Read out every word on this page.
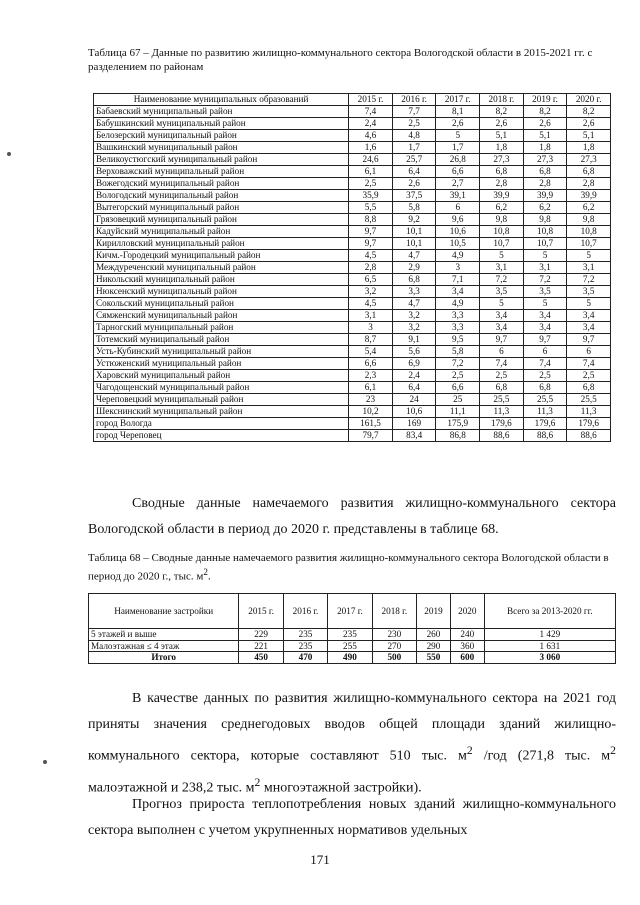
Таблица 67 – Данные по развитию жилищно-коммунального сектора Вологодской области в 2015-2021 гг. с разделением по районам
Наименование муниципальных образований	2015 г.	2016 г.	2017 г.	2018 г.	2019 г.	2020 г.
Бабаевский муниципальный район	7,4	7,7	8,1	8,2	8,2	8,2
Бабушкинский муниципальный район	2,4	2,5	2,6	2,6	2,6	2,6
Белозерский муниципальный район	4,6	4,8	5	5,1	5,1	5,1
Вашкинский муниципальный район	1,6	1,7	1,7	1,8	1,8	1,8
Великоустюгский муниципальный район	24,6	25,7	26,8	27,3	27,3	27,3
Верховажский муниципальный район	6,1	6,4	6,6	6,8	6,8	6,8
Вожегодский муниципальный район	2,5	2,6	2,7	2,8	2,8	2,8
Вологодский муниципальный район	35,9	37,5	39,1	39,9	39,9	39,9
Вытегорский муниципальный район	5,5	5,8	6	6,2	6,2	6,2
Грязовецкий муниципальный район	8,8	9,2	9,6	9,8	9,8	9,8
Кадуйский муниципальный район	9,7	10,1	10,6	10,8	10,8	10,8
Кирилловский муниципальный район	9,7	10,1	10,5	10,7	10,7	10,7
Кичм.-Городецкий муниципальный район	4,5	4,7	4,9	5	5	5
Междуреченский муниципальный район	2,8	2,9	3	3,1	3,1	3,1
Никольский муниципальный район	6,5	6,8	7,1	7,2	7,2	7,2
Нюксенский муниципальный район	3,2	3,3	3,4	3,5	3,5	3,5
Сокольский муниципальный район	4,5	4,7	4,9	5	5	5
Сямженский муниципальный район	3,1	3,2	3,3	3,4	3,4	3,4
Тарногский муниципальный район	3	3,2	3,3	3,4	3,4	3,4
Тотемский муниципальный район	8,7	9,1	9,5	9,7	9,7	9,7
Усть-Кубинский муниципальный район	5,4	5,6	5,8	6	6	6
Устюженский муниципальный район	6,6	6,9	7,2	7,4	7,4	7,4
Харовский муниципальный район	2,3	2,4	2,5	2,5	2,5	2,5
Чагодощенский муниципальный район	6,1	6,4	6,6	6,8	6,8	6,8
Череповецкий муниципальный район	23	24	25	25,5	25,5	25,5
Шекснинский муниципальный район	10,2	10,6	11,1	11,3	11,3	11,3
город Вологда	161,5	169	175,9	179,6	179,6	179,6
город Череповец	79,7	83,4	86,8	88,6	88,6	88,6
Сводные данные намечаемого развития жилищно-коммунального сектора Вологодской области в период до 2020 г. представлены в таблице 68.
Таблица 68 – Сводные данные намечаемого развития жилищно-коммунального сектора Вологодской области в период до 2020 г., тыс. $м^2$.
Наименование застройки	2015 г.	2016 г.	2017 г.	2018 г.	2019	2020	Всего за 2013-2020 гг.
5 этажей и выше	229	235	235	230	260	240	1 429
Малоэтажная ≤ 4 этаж	221	235	255	270	290	360	1 631
Итого	450	470	490	500	550	600	3 060
В качестве данных по развития жилищно-коммунального сектора на 2021 год приняты значения среднегодовых вводов общей площади зданий жилищно-коммунального сектора, которые составляют 510 тыс. $м^2$ /год (271,8 тыс. $м^2$ малоэтажной и 238,2 тыс. $м^2$ многоэтажной застройки).
Прогноз прироста теплопотребления новых зданий жилищно-коммунального сектора выполнен с учетом укрупненных нормативов удельных
171
